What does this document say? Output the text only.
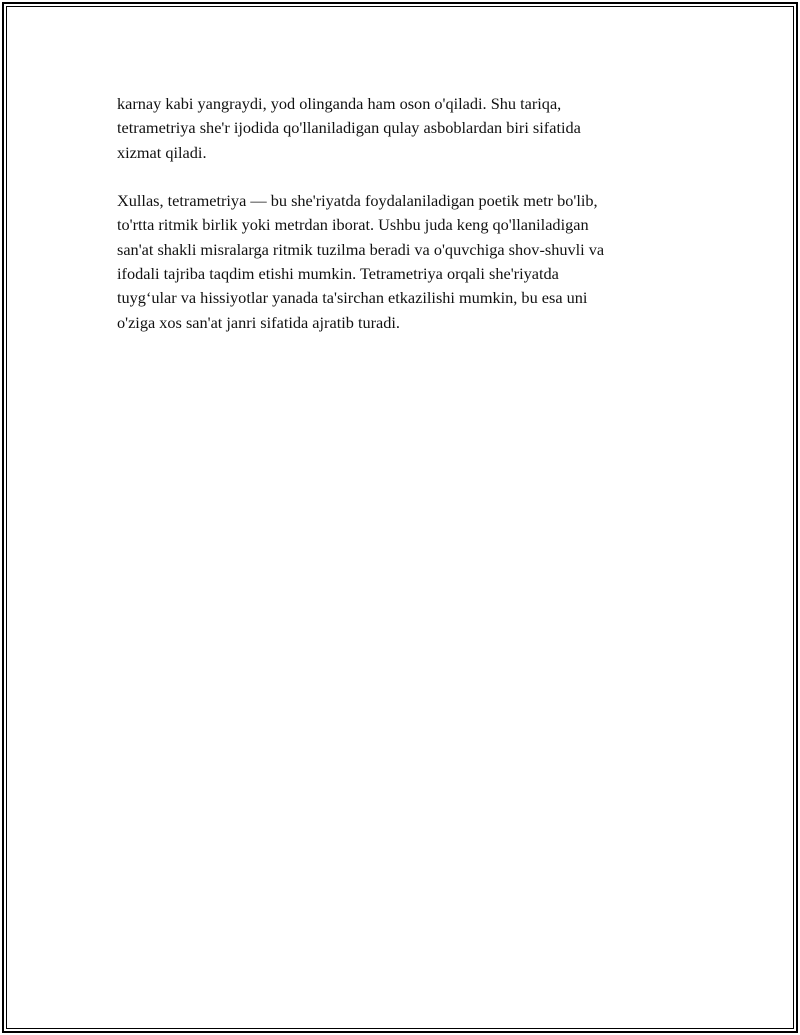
karnay kabi yangraydi, yod olinganda ham oson o'qiladi. Shu tariqa,
tetrametriya she'r ijodida qo'llaniladigan qulay asboblardan biri sifatida
xizmat qiladi.

Xullas, tetrametriya — bu she'riyatda foydalaniladigan poetik metr bo'lib,
to'rtta ritmik birlik yoki metrdan iborat. Ushbu juda keng qo'llaniladigan
san'at shakli misralarga ritmik tuzilma beradi va o'quvchiga shov-shuvli va
ifodali tajriba taqdim etishi mumkin. Tetrametriya orqali she'riyatda
tuyg‘ular va hissiyotlar yanada ta'sirchan etkazilishi mumkin, bu esa uni
o'ziga xos san'at janri sifatida ajratib turadi.
